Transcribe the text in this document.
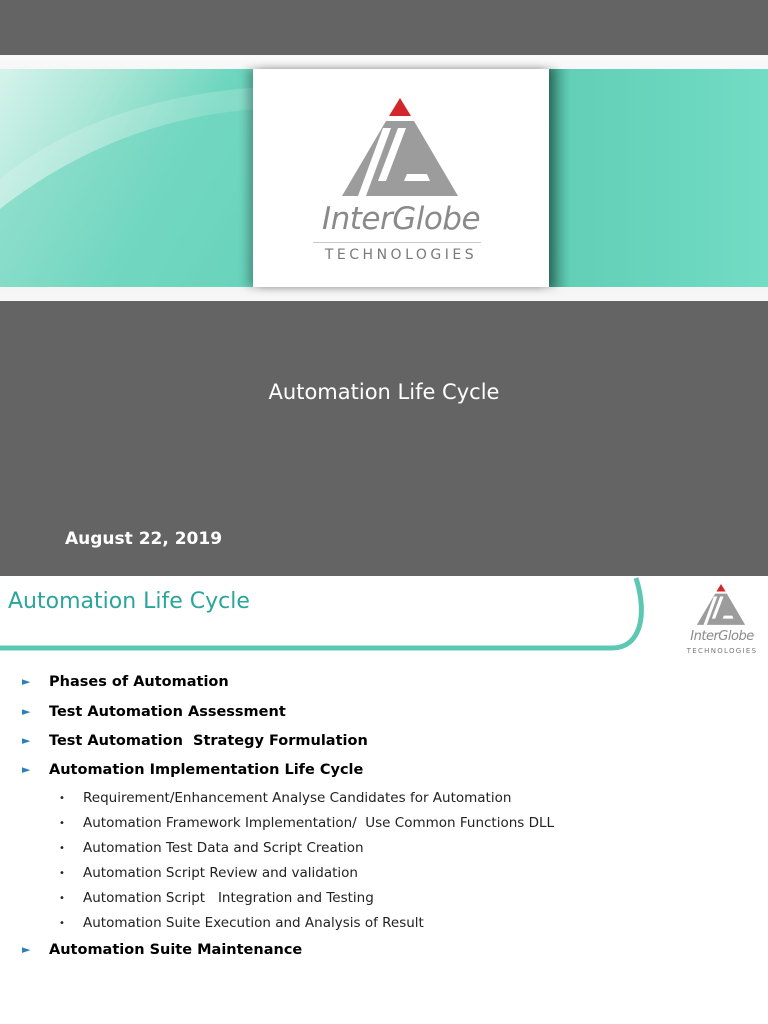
InterGlobe
TECHNOLOGIES
Automation Life Cycle
August 22, 2019
Automation Life Cycle
InterGlobe
TECHNOLOGIES
► Phases of Automation
► Test Automation Assessment
► Test Automation  Strategy Formulation
► Automation Implementation Life Cycle
• Requirement/Enhancement Analyse Candidates for Automation
• Automation Framework Implementation/  Use Common Functions DLL
• Automation Test Data and Script Creation
• Automation Script Review and validation
• Automation Script   Integration and Testing
• Automation Suite Execution and Analysis of Result
► Automation Suite Maintenance
